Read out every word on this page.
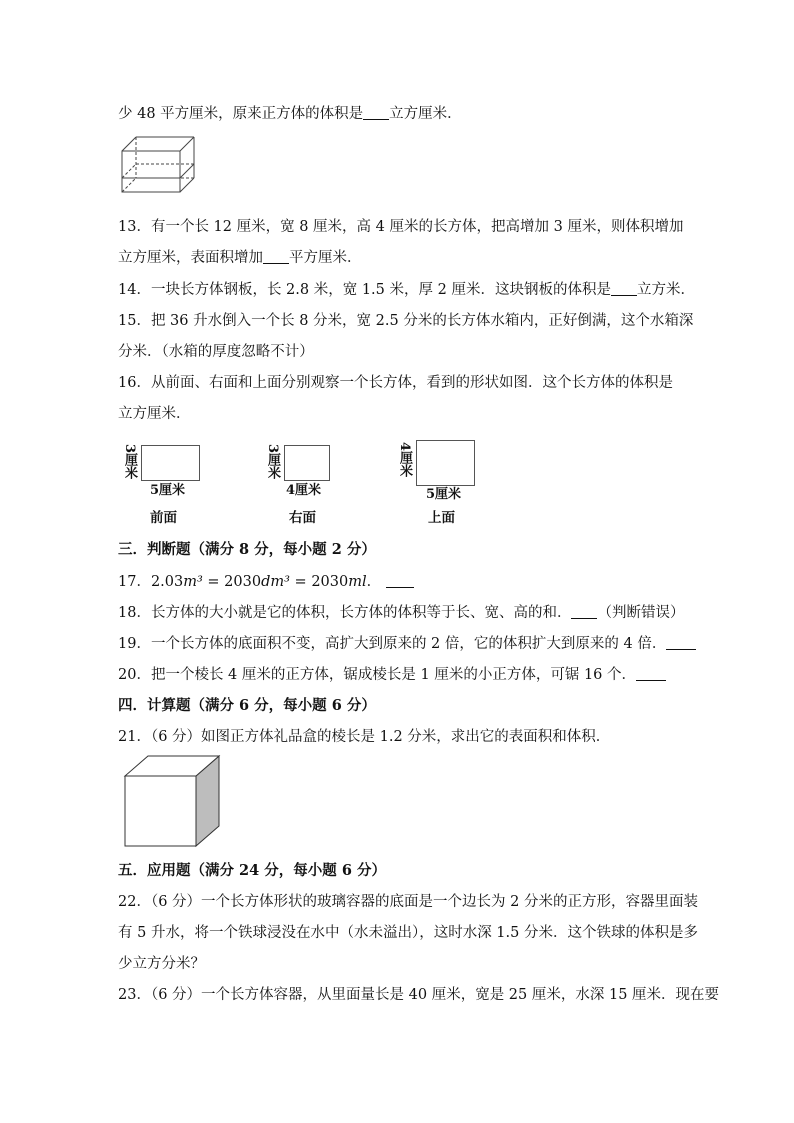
少 48 平方厘米，原来正方体的体积是 立方厘米．
13．有一个长 12 厘米，宽 8 厘米，高 4 厘米的长方体，把高增加 3 厘米，则体积增加
立方厘米，表面积增加 平方厘米．
14．一块长方体钢板，长 2.8 米，宽 1.5 米，厚 2 厘米．这块钢板的体积是 立方米．
15．把 36 升水倒入一个长 8 分米，宽 2.5 分米的长方体水箱内，正好倒满，这个水箱深
分米．（水箱的厚度忽略不计）
16．从前面、右面和上面分别观察一个长方体，看到的形状如图．这个长方体的体积是
立方厘米．
3厘米
5厘米
前面
3厘米
4厘米
右面
4厘米
5厘米
上面
三．判断题（满分 8 分，每小题 2 分）
17．2.03m³ = 2030dm³ = 2030ml．
18．长方体的大小就是它的体积，长方体的体积等于长、宽、高的和． （判断错误）
19．一个长方体的底面积不变，高扩大到原来的 2 倍，它的体积扩大到原来的 4 倍．
20．把一个棱长 4 厘米的正方体，锯成棱长是 1 厘米的小正方体，可锯 16 个．
四．计算题（满分 6 分，每小题 6 分）
21．（6 分）如图正方体礼品盒的棱长是 1.2 分米，求出它的表面积和体积．
五．应用题（满分 24 分，每小题 6 分）
22．（6 分）一个长方体形状的玻璃容器的底面是一个边长为 2 分米的正方形，容器里面装
有 5 升水，将一个铁球浸没在水中（水未溢出），这时水深 1.5 分米．这个铁球的体积是多
少立方分米？
23．（6 分）一个长方体容器，从里面量长是 40 厘米，宽是 25 厘米，水深 15 厘米．现在要
